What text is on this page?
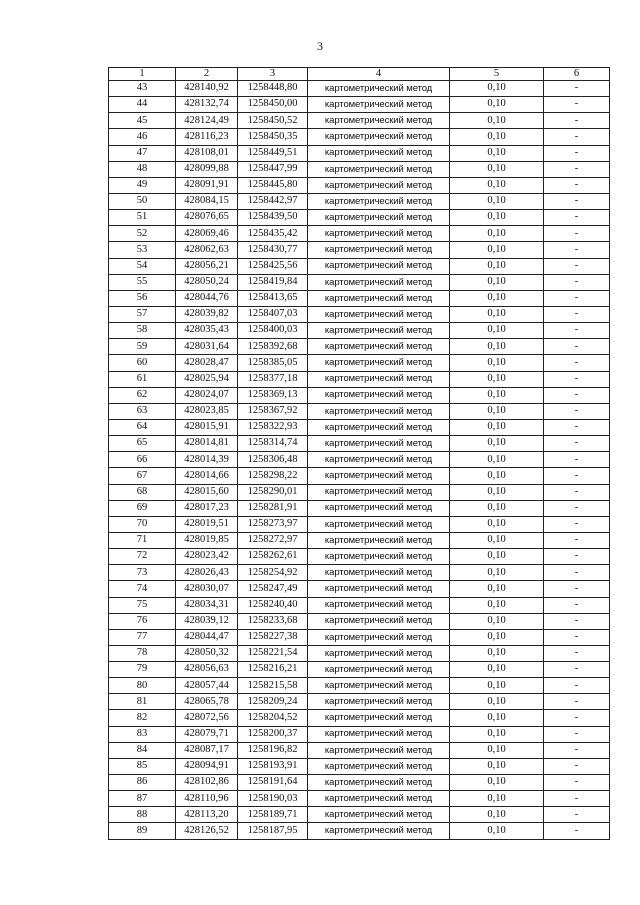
3
1	2	3	4	5	6
43	428140,92	1258448,80	картометрический метод	0,10	-
44	428132,74	1258450,00	картометрический метод	0,10	-
45	428124,49	1258450,52	картометрический метод	0,10	-
46	428116,23	1258450,35	картометрический метод	0,10	-
47	428108,01	1258449,51	картометрический метод	0,10	-
48	428099,88	1258447,99	картометрический метод	0,10	-
49	428091,91	1258445,80	картометрический метод	0,10	-
50	428084,15	1258442,97	картометрический метод	0,10	-
51	428076,65	1258439,50	картометрический метод	0,10	-
52	428069,46	1258435,42	картометрический метод	0,10	-
53	428062,63	1258430,77	картометрический метод	0,10	-
54	428056,21	1258425,56	картометрический метод	0,10	-
55	428050,24	1258419,84	картометрический метод	0,10	-
56	428044,76	1258413,65	картометрический метод	0,10	-
57	428039,82	1258407,03	картометрический метод	0,10	-
58	428035,43	1258400,03	картометрический метод	0,10	-
59	428031,64	1258392,68	картометрический метод	0,10	-
60	428028,47	1258385,05	картометрический метод	0,10	-
61	428025,94	1258377,18	картометрический метод	0,10	-
62	428024,07	1258369,13	картометрический метод	0,10	-
63	428023,85	1258367,92	картометрический метод	0,10	-
64	428015,91	1258322,93	картометрический метод	0,10	-
65	428014,81	1258314,74	картометрический метод	0,10	-
66	428014,39	1258306,48	картометрический метод	0,10	-
67	428014,66	1258298,22	картометрический метод	0,10	-
68	428015,60	1258290,01	картометрический метод	0,10	-
69	428017,23	1258281,91	картометрический метод	0,10	-
70	428019,51	1258273,97	картометрический метод	0,10	-
71	428019,85	1258272,97	картометрический метод	0,10	-
72	428023,42	1258262,61	картометрический метод	0,10	-
73	428026,43	1258254,92	картометрический метод	0,10	-
74	428030,07	1258247,49	картометрический метод	0,10	-
75	428034,31	1258240,40	картометрический метод	0,10	-
76	428039,12	1258233,68	картометрический метод	0,10	-
77	428044,47	1258227,38	картометрический метод	0,10	-
78	428050,32	1258221,54	картометрический метод	0,10	-
79	428056,63	1258216,21	картометрический метод	0,10	-
80	428057,44	1258215,58	картометрический метод	0,10	-
81	428065,78	1258209,24	картометрический метод	0,10	-
82	428072,56	1258204,52	картометрический метод	0,10	-
83	428079,71	1258200,37	картометрический метод	0,10	-
84	428087,17	1258196,82	картометрический метод	0,10	-
85	428094,91	1258193,91	картометрический метод	0,10	-
86	428102,86	1258191,64	картометрический метод	0,10	-
87	428110,96	1258190,03	картометрический метод	0,10	-
88	428113,20	1258189,71	картометрический метод	0,10	-
89	428126,52	1258187,95	картометрический метод	0,10	-
